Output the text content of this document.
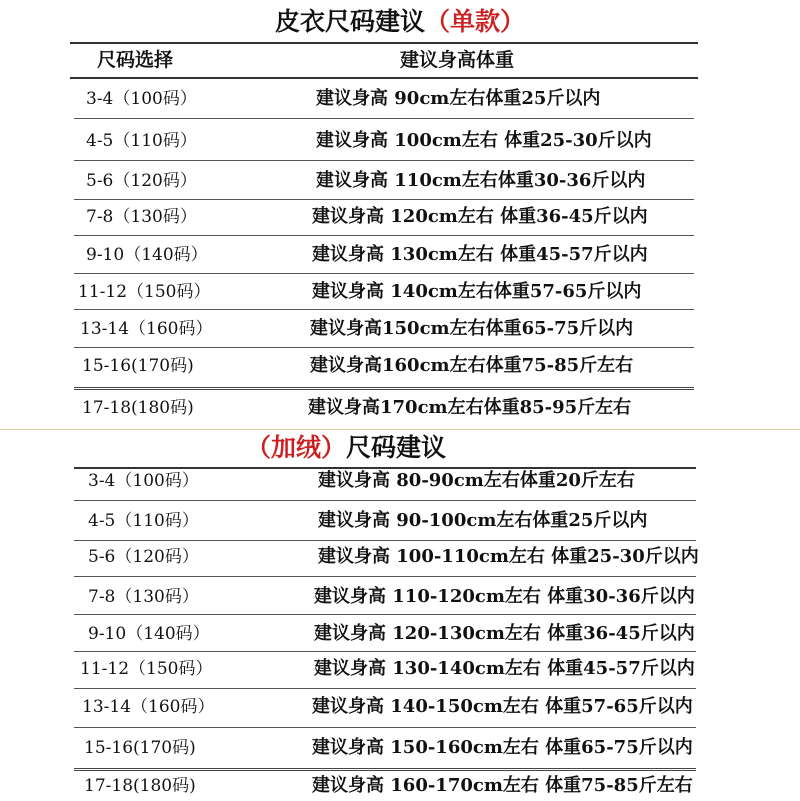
皮衣尺码建议（单款）
尺码选择	建议身高体重
3-4（100码）	建议身高 90cm左右体重25斤以内
4-5（110码）	建议身高 100cm左右 体重25-30斤以内
5-6（120码）	建议身高 110cm左右体重30-36斤以内
7-8（130码）	建议身高 120cm左右 体重36-45斤以内
9-10（140码）	建议身高 130cm左右 体重45-57斤以内
11-12（150码）	建议身高 140cm左右体重57-65斤以内
13-14（160码）	建议身高150cm左右体重65-75斤以内
15-16(170码)	建议身高160cm左右体重75-85斤左右
17-18(180码)	建议身高170cm左右体重85-95斤左右
（加绒） 尺码建议
3-4（100码）	建议身高 80-90cm左右体重20斤左右
4-5（110码）	建议身高 90-100cm左右体重25斤以内
5-6（120码）	建议身高 100-110cm左右 体重25-30斤以内
7-8（130码）	建议身高 110-120cm左右 体重30-36斤以内
9-10（140码）	建议身高 120-130cm左右 体重36-45斤以内
11-12（150码）	建议身高 130-140cm左右 体重45-57斤以内
13-14（160码）	建议身高 140-150cm左右 体重57-65斤以内
15-16(170码)	建议身高 150-160cm左右 体重65-75斤以内
17-18(180码)	建议身高 160-170cm左右 体重75-85斤左右
